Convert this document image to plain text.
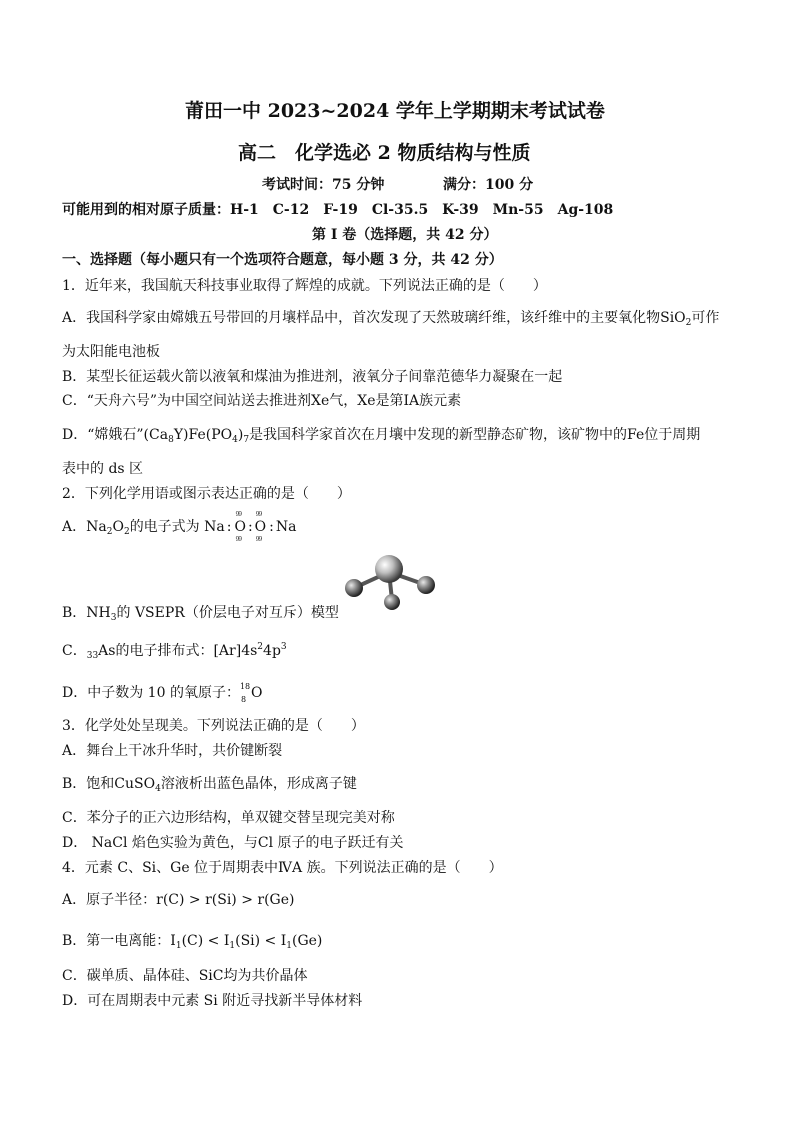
莆田一中 2023~2024 学年上学期期末考试试卷
高二　化学选必 2 物质结构与性质
考试时间：75 分钟	满分：100 分
可能用到的相对原子质量：H-1　C-12　F-19　Cl-35.5　K-39　Mn-55　Ag-108
第 I 卷（选择题，共 42 分）
一、选择题（每小题只有一个选项符合题意，每小题 3 分，共 42 分）
1．近年来，我国航天科技事业取得了辉煌的成就。下列说法正确的是（　　）
A．我国科学家由嫦娥五号带回的月壤样品中，首次发现了天然玻璃纤维，该纤维中的主要氧化物SiO$_2$可作
为太阳能电池板
B．某型长征运载火箭以液氧和煤油为推进剂，液氧分子间靠范德华力凝聚在一起
C．“天舟六号”为中国空间站送去推进剂Xe气，Xe是第ⅠA族元素
D．“嫦娥石$”(Ca_8Y)Fe(PO_4)_7$是我国科学家首次在月壤中发现的新型静态矿物，该矿物中的Fe位于周期
表中的 ds 区
2．下列化学用语或图示表达正确的是（　　）
A．$Na_2O_2$的电子式为 Na :
99
O
99
:
99
O
99
: Na
B．$NH_3$的 VSEPR（价层电子对互斥）模型
C．$_{33}$As的电子排布式：$[Ar]4s^24p^3$
D．中子数为 10 的氧原子： 18
8 O
3．化学处处呈现美。下列说法正确的是（　　）
A．舞台上干冰升华时，共价键断裂
B．饱和CuSO$_4$溶液析出蓝色晶体，形成离子键
C．苯分子的正六边形结构，单双键交替呈现完美对称
D． NaCl 焰色实验为黄色，与Cl 原子的电子跃迁有关
4．元素 C、Si、Ge 位于周期表中ⅣA 族。下列说法正确的是（　　）
A．原子半径：r(C) > r(Si) > r(Ge)
B．第一电离能：$I_1(C) < I_1(Si) < I_1(Ge)$
C．碳单质、晶体硅、SiC均为共价晶体
D．可在周期表中元素 Si 附近寻找新半导体材料
